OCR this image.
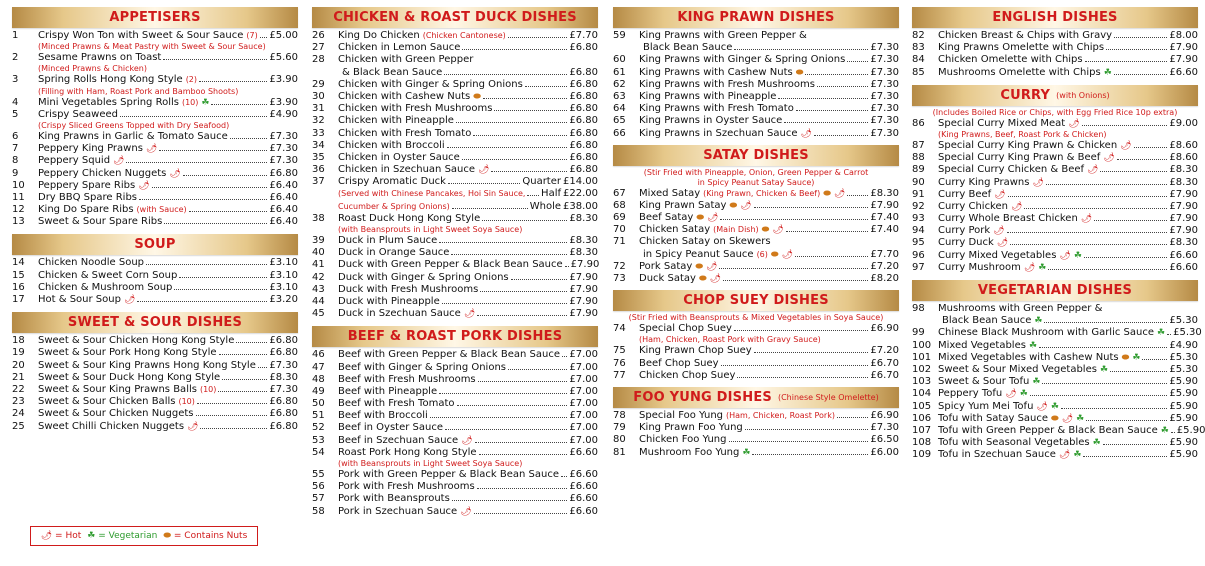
APPETISERS
1	Crispy Won Ton with Sweet & Sour Sauce (7) £5.00
(Minced Prawns & Meat Pastry with Sweet & Sour Sauce)
2	Sesame Prawns on Toast	£5.60
(Minced Prawns & Chicken)
3	Spring Rolls Hong Kong Style (2)	£3.90
(Filling with Ham, Roast Pork and Bamboo Shoots)
4	Mini Vegetables Spring Rolls (10) ☘	£3.90
5	Crispy Seaweed	£4.90
(Crispy Sliced Greens Topped with Dry Seafood)
6	King Prawns in Garlic & Tomato Sauce	£7.30
7	Peppery King Prawns 🌶︎	£7.30
8	Peppery Squid 🌶︎	£7.30
9	Peppery Chicken Nuggets 🌶︎	£6.80
10	Peppery Spare Ribs 🌶︎	£6.40
11	Dry BBQ Spare Ribs	£6.40
12	King Do Spare Ribs (with Sauce)	£6.40
13	Sweet & Sour Spare Ribs	£6.40
SOUP
14	Chicken Noodle Soup	£3.10
15	Chicken & Sweet Corn Soup	£3.10
16	Chicken & Mushroom Soup	£3.10
17	Hot & Sour Soup 🌶︎	£3.20
SWEET & SOUR DISHES
18	Sweet & Sour Chicken Hong Kong Style	£6.80
19	Sweet & Sour Pork Hong Kong Style	£6.80
20	Sweet & Sour King Prawns Hong Kong Style £7.30
21	Sweet & Sour Duck Hong Kong Style	£8.30
22	Sweet & Sour King Prawns Balls (10)	£7.30
23	Sweet & Sour Chicken Balls (10)	£6.80
24	Sweet & Sour Chicken Nuggets	£6.80
25	Sweet Chilli Chicken Nuggets 🌶︎	£6.80
CHICKEN & ROAST DUCK DISHES
26	King Do Chicken (Chicken Cantonese)	£7.70
27	Chicken in Lemon Sauce	£6.80
28	Chicken with Green Pepper
& Black Bean Sauce	£6.80
29	Chicken with Ginger & Spring Onions	£6.80
30	Chicken with Cashew Nuts ⬬	£6.80
31	Chicken with Fresh Mushrooms	£6.80
32	Chicken with Pineapple	£6.80
33	Chicken with Fresh Tomato	£6.80
34	Chicken with Broccoli	£6.80
35	Chicken in Oyster Sauce	£6.80
36	Chicken in Szechuan Sauce 🌶︎	£6.80
37	Crispy Aromatic Duck	Quarter £14.00
(Served with Chinese Pancakes, Hoi Sin Sauce, Half £22.00
Cucumber & Spring Onions)	Whole £38.00
38	Roast Duck Hong Kong Style	£8.30
(with Beansprouts in Light Sweet Soya Sauce)
39	Duck in Plum Sauce	£8.30
40	Duck in Orange Sauce	£8.30
41	Duck with Green Pepper & Black Bean Sauce £7.90
42	Duck with Ginger & Spring Onions	£7.90
43	Duck with Fresh Mushrooms	£7.90
44	Duck with Pineapple	£7.90
45	Duck in Szechuan Sauce 🌶︎	£7.90
BEEF & ROAST PORK DISHES
46	Beef with Green Pepper & Black Bean Sauce £7.00
47	Beef with Ginger & Spring Onions	£7.00
48	Beef with Fresh Mushrooms	£7.00
49	Beef with Pineapple	£7.00
50	Beef with Fresh Tomato	£7.00
51	Beef with Broccoli	£7.00
52	Beef in Oyster Sauce	£7.00
53	Beef in Szechuan Sauce 🌶︎	£7.00
54	Roast Pork Hong Kong Style	£6.60
(with Beansprouts in Light Sweet Soya Sauce)
55	Pork with Green Pepper & Black Bean Sauce £6.60
56	Pork with Fresh Mushrooms	£6.60
57	Pork with Beansprouts	£6.60
58	Pork in Szechuan Sauce 🌶︎	£6.60
KING PRAWN DISHES
59	King Prawns with Green Pepper &
Black Bean Sauce	£7.30
60	King Prawns with Ginger & Spring Onions	£7.30
61	King Prawns with Cashew Nuts ⬬	£7.30
62	King Prawns with Fresh Mushrooms	£7.30
63	King Prawns with Pineapple	£7.30
64	King Prawns with Fresh Tomato	£7.30
65	King Prawns in Oyster Sauce	£7.30
66	King Prawns in Szechuan Sauce 🌶︎	£7.30
SATAY DISHES
(Stir Fried with Pineapple, Onion, Green Pepper & Carrot
in Spicy Peanut Satay Sauce)
67	Mixed Satay (King Prawn, Chicken & Beef) ⬬ 🌶︎	£8.30
68	King Prawn Satay ⬬ 🌶︎	£7.90
69	Beef Satay ⬬ 🌶︎	£7.40
70	Chicken Satay (Main Dish) ⬬ 🌶︎	£7.40
71	Chicken Satay on Skewers
in Spicy Peanut Sauce (6) ⬬ 🌶︎	£7.70
72	Pork Satay ⬬ 🌶︎	£7.20
73	Duck Satay ⬬ 🌶︎	£8.20
CHOP SUEY DISHES
(Stir Fried with Beansprouts & Mixed Vegetables in Soya Sauce)
74	Special Chop Suey	£6.90
(Ham, Chicken, Roast Pork with Gravy Sauce)
75	King Prawn Chop Suey	£7.20
76	Beef Chop Suey	£6.70
77	Chicken Chop Suey	£6.70
FOO YUNG DISHES (Chinese Style Omelette)
78	Special Foo Yung (Ham, Chicken, Roast Pork)	£6.90
79	King Prawn Foo Yung	£7.30
80	Chicken Foo Yung	£6.50
81	Mushroom Foo Yung ☘	£6.00
ENGLISH DISHES
82	Chicken Breast & Chips with Gravy	£8.00
83	King Prawns Omelette with Chips	£7.90
84	Chicken Omelette with Chips	£7.90
85	Mushrooms Omelette with Chips ☘	£6.60
CURRY (with Onions)
(Includes Boiled Rice or Chips, with Egg Fried Rice 10p extra)
86	Special Curry Mixed Meat 🌶︎	£9.00
(King Prawns, Beef, Roast Pork & Chicken)
87	Special Curry King Prawn & Chicken 🌶︎	£8.60
88	Special Curry King Prawn & Beef 🌶︎	£8.60
89	Special Curry Chicken & Beef 🌶︎	£8.30
90	Curry King Prawns 🌶︎	£8.30
91	Curry Beef 🌶︎	£7.90
92	Curry Chicken 🌶︎	£7.90
93	Curry Whole Breast Chicken 🌶︎	£7.90
94	Curry Pork 🌶︎	£7.90
95	Curry Duck 🌶︎	£8.30
96	Curry Mixed Vegetables 🌶︎ ☘	£6.60
97	Curry Mushroom 🌶︎ ☘	£6.60
VEGETARIAN DISHES
98	Mushrooms with Green Pepper &
Black Bean Sauce ☘	£5.30
99	Chinese Black Mushroom with Garlic Sauce ☘ £5.30
100 Mixed Vegetables ☘	£4.90
101 Mixed Vegetables with Cashew Nuts ⬬ ☘	£5.30
102 Sweet & Sour Mixed Vegetables ☘	£5.30
103 Sweet & Sour Tofu ☘	£5.90
104 Peppery Tofu 🌶︎ ☘	£5.90
105 Spicy Yum Mei Tofu 🌶︎ ☘	£5.90
106 Tofu with Satay Sauce ⬬ 🌶︎ ☘	£5.90
107 Tofu with Green Pepper & Black Bean Sauce ☘ £5.90
108 Tofu with Seasonal Vegetables ☘	£5.90
109 Tofu in Szechuan Sauce 🌶︎ ☘	£5.90
🌶︎ = Hot ☘ = Vegetarian ⬬ = Contains Nuts
